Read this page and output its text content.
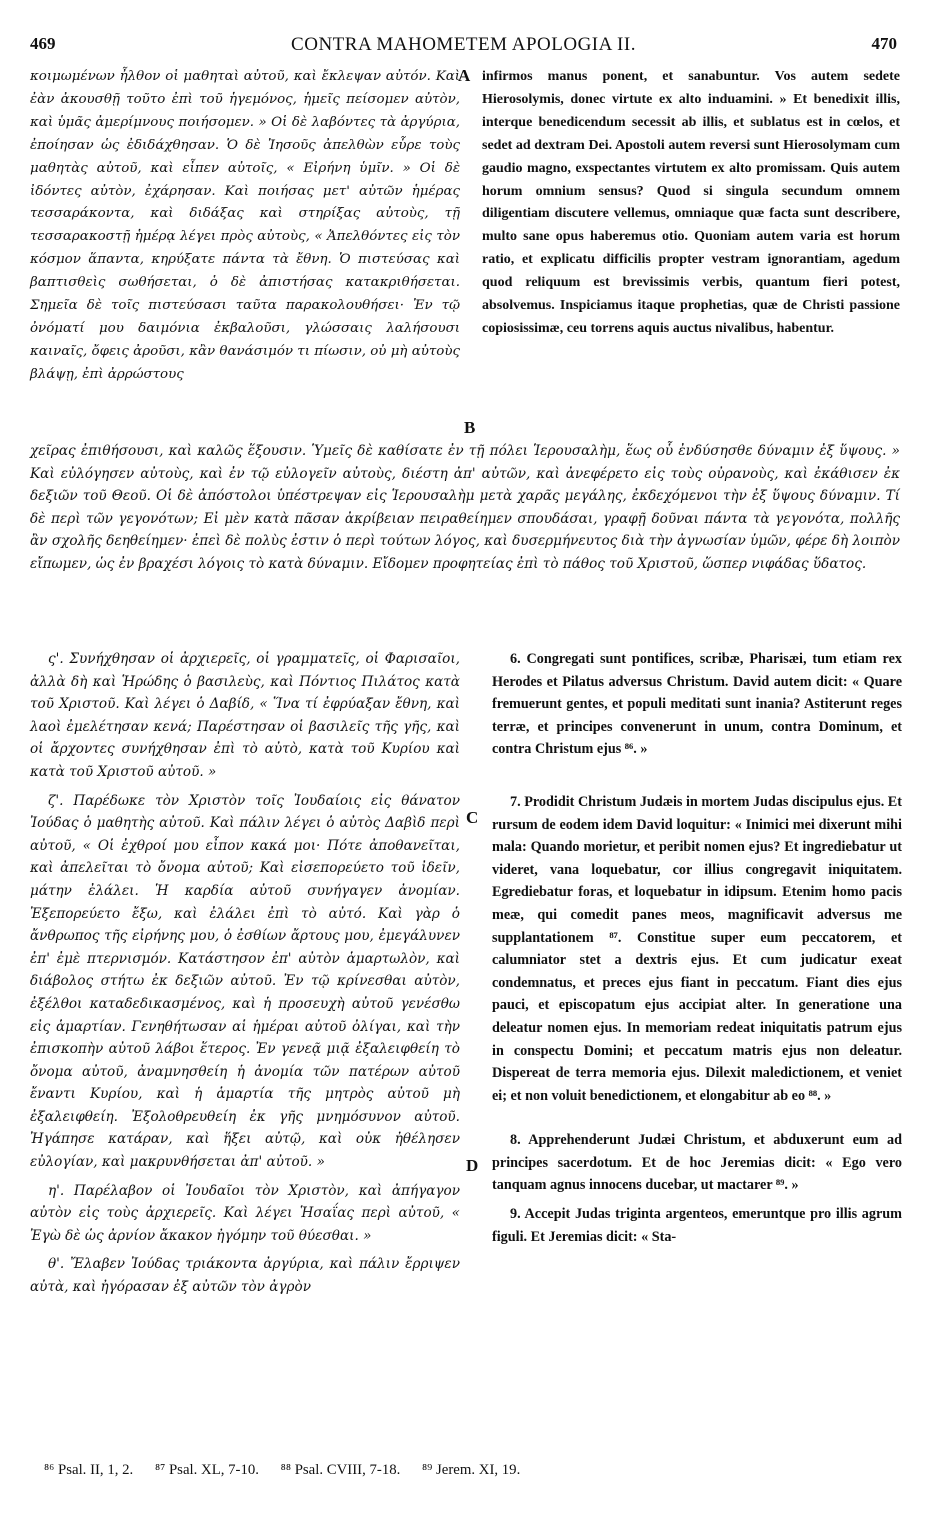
469	CONTRA MAHOMETEM APOLOGIA II.	470
κοιμωμένων ἦλθον οἱ μαθηταὶ αὐτοῦ, καὶ ἔκλεψαν αὐτόν. Καὶ ἐὰν ἀκουσθῇ τοῦτο ἐπὶ τοῦ ἡγεμόνος, ἡμεῖς πείσομεν αὐτὸν, καὶ ὑμᾶς ἀμερίμνους ποιήσομεν. » Οἱ δὲ λαβόντες τὰ ἀργύρια, ἐποίησαν ὡς ἐδιδάχθησαν. Ὁ δὲ Ἰησοῦς ἀπελθὼν εὗρε τοὺς μαθητὰς αὐτοῦ, καὶ εἶπεν αὐτοῖς, « Εἰρήνη ὑμῖν. » Οἱ δὲ ἰδόντες αὐτὸν, ἐχάρησαν. Καὶ ποιήσας μετ' αὐτῶν ἡμέρας τεσσαράκοντα, καὶ διδάξας καὶ στηρίξας αὐτοὺς, τῇ τεσσαρακοστῇ ἡμέρᾳ λέγει πρὸς αὐτοὺς, « Ἀπελθόντες εἰς τὸν κόσμον ἅπαντα, κηρύξατε πάντα τὰ ἔθνη. Ὁ πιστεύσας καὶ βαπτισθεὶς σωθήσεται, ὁ δὲ ἀπιστήσας κατακριθήσεται. Σημεῖα δὲ τοῖς πιστεύσασι ταῦτα παρακολουθήσει· Ἐν τῷ ὀνόματί μου δαιμόνια ἐκβαλοῦσι, γλώσσαις λαλήσουσι καιναῖς, ὄφεις ἀροῦσι, κἂν θανάσιμόν τι πίωσιν, οὐ μὴ αὐτοὺς βλάψῃ, ἐπὶ ἀρρώστους
infirmos manus ponent, et sanabuntur. Vos autem sedete Hierosolymis, donec virtute ex alto induamini. » Et benedixit illis, interque benedicendum secessit ab illis, et sublatus est in cœlos, et sedet ad dextram Dei. Apostoli autem reversi sunt Hierosolymam cum gaudio magno, exspectantes virtutem ex alto promissam. Quis autem horum omnium sensus? Quod si singula secundum omnem diligentiam discutere vellemus, omniaque quæ facta sunt describere, multo sane opus haberemus otio. Quoniam autem varia est horum ratio, et explicatu difficilis propter vestram ignorantiam, agedum quod reliquum est brevissimis verbis, quantum fieri potest, absolvemus. Inspiciamus itaque prophetias, quæ de Christi passione copiosissimæ, ceu torrens aquis auctus nivalibus, habentur.
A
B
χεῖρας ἐπιθήσουσι, καὶ καλῶς ἕξουσιν. Ὑμεῖς δὲ καθίσατε ἐν τῇ πόλει Ἱερουσαλὴμ, ἕως οὗ ἐνδύσησθε δύναμιν ἐξ ὕψους. » Καὶ εὐλόγησεν αὐτοὺς, καὶ ἐν τῷ εὐλογεῖν αὐτοὺς, διέστη ἀπ' αὐτῶν, καὶ ἀνεφέρετο εἰς τοὺς οὐρανοὺς, καὶ ἐκάθισεν ἐκ δεξιῶν τοῦ Θεοῦ. Οἱ δὲ ἀπόστολοι ὑπέστρεψαν εἰς Ἱερουσαλὴμ μετὰ χαρᾶς μεγάλης, ἐκδεχόμενοι τὴν ἐξ ὕψους δύναμιν. Τί δὲ περὶ τῶν γεγονότων; Εἰ μὲν κατὰ πᾶσαν ἀκρίβειαν πειραθείημεν σπουδάσαι, γραφῇ δοῦναι πάντα τὰ γεγονότα, πολλῆς ἂν σχολῆς δεηθείημεν· ἐπεὶ δὲ πολὺς ἐστιν ὁ περὶ τούτων λόγος, καὶ δυσερμήνευτος διὰ τὴν ἀγνωσίαν ὑμῶν, φέρε δὴ λοιπὸν εἴπωμεν, ὡς ἐν βραχέσι λόγοις τὸ κατὰ δύναμιν. Εἴδομεν προφητείας ἐπὶ τὸ πάθος τοῦ Χριστοῦ, ὥσπερ νιφάδας ὕδατος.

ς'. Συνήχθησαν οἱ ἀρχιερεῖς, οἱ γραμματεῖς, οἱ Φαρισαῖοι, ἀλλὰ δὴ καὶ Ἡρώδης ὁ βασιλεὺς, καὶ Πόντιος Πιλάτος κατὰ τοῦ Χριστοῦ. Καὶ λέγει ὁ Δαβίδ, « Ἵνα τί ἐφρύαξαν ἔθνη, καὶ λαοὶ ἐμελέτησαν κενά; Παρέστησαν οἱ βασιλεῖς τῆς γῆς, καὶ οἱ ἄρχοντες συνήχθησαν ἐπὶ τὸ αὐτὸ, κατὰ τοῦ Κυρίου καὶ κατὰ τοῦ Χριστοῦ αὐτοῦ. »

ζ'. Παρέδωκε τὸν Χριστὸν τοῖς Ἰουδαίοις εἰς θάνατον Ἰούδας ὁ μαθητὴς αὐτοῦ. Καὶ πάλιν λέγει ὁ αὐτὸς Δαβὶδ περὶ αὐτοῦ, « Οἱ ἐχθροί μου εἶπον κακά μοι· Πότε ἀποθανεῖται, καὶ ἀπελεῖται τὸ ὄνομα αὐτοῦ; Καὶ εἰσεπορεύετο τοῦ ἰδεῖν, μάτην ἐλάλει. Ἡ καρδία αὐτοῦ συνήγαγεν ἀνομίαν. Ἐξεπορεύετο ἔξω, καὶ ἐλάλει ἐπὶ τὸ αὐτό. Καὶ γὰρ ὁ ἄνθρωπος τῆς εἰρήνης μου, ὁ ἐσθίων ἄρτους μου, ἐμεγάλυνεν ἐπ' ἐμὲ πτερνισμόν. Κατάστησον ἐπ' αὐτὸν ἁμαρτωλὸν, καὶ διάβολος στήτω ἐκ δεξιῶν αὐτοῦ. Ἐν τῷ κρίνεσθαι αὐτὸν, ἐξέλθοι καταδεδικασμένος, καὶ ἡ προσευχὴ αὐτοῦ γενέσθω εἰς ἁμαρτίαν. Γενηθήτωσαν αἱ ἡμέραι αὐτοῦ ὀλίγαι, καὶ τὴν ἐπισκοπὴν αὐτοῦ λάβοι ἕτερος. Ἐν γενεᾷ μιᾷ ἐξαλειφθείη τὸ ὄνομα αὐτοῦ, ἀναμνησθείη ἡ ἀνομία τῶν πατέρων αὐτοῦ ἔναντι Κυρίου, καὶ ἡ ἁμαρτία τῆς μητρὸς αὐτοῦ μὴ ἐξαλειφθείη. Ἐξολοθρευθείη ἐκ γῆς μνημόσυνον αὐτοῦ. Ἠγάπησε κατάραν, καὶ ἥξει αὐτῷ, καὶ οὐκ ἠθέλησεν εὐλογίαν, καὶ μακρυνθήσεται ἀπ' αὐτοῦ. »

η'. Παρέλαβον οἱ Ἰουδαῖοι τὸν Χριστὸν, καὶ ἀπήγαγον αὐτὸν εἰς τοὺς ἀρχιερεῖς. Καὶ λέγει Ἡσαΐας περὶ αὐτοῦ, « Ἐγὼ δὲ ὡς ἀρνίον ἄκακον ἠγόμην τοῦ θύεσθαι. »

θ'. Ἔλαβεν Ἰούδας τριάκοντα ἀργύρια, καὶ πάλιν ἔρριψεν αὐτὰ, καὶ ἠγόρασαν ἐξ αὐτῶν τὸν ἀγρὸν

C
D

6. Congregati sunt pontifices, scribæ, Pharisæi, tum etiam rex Herodes et Pilatus adversus Christum. David autem dicit: « Quare fremuerunt gentes, et populi meditati sunt inania? Astiterunt reges terræ, et principes convenerunt in unum, contra Dominum, et contra Christum ejus ⁸⁶. »

7. Prodidit Christum Judæis in mortem Judas discipulus ejus. Et rursum de eodem idem David loquitur: « Inimici mei dixerunt mihi mala: Quando morietur, et peribit nomen ejus? Et ingrediebatur ut videret, vana loquebatur, cor illius congregavit iniquitatem. Egrediebatur foras, et loquebatur in idipsum. Etenim homo pacis meæ, qui comedit panes meos, magnificavit adversus me supplantationem ⁸⁷. Constitue super eum peccatorem, et calumniator stet a dextris ejus. Et cum judicatur exeat condemnatus, et preces ejus fiant in peccatum. Fiant dies ejus pauci, et episcopatum ejus accipiat alter. In generatione una deleatur nomen ejus. In memoriam redeat iniquitatis patrum ejus in conspectu Domini; et peccatum matris ejus non deleatur. Dispereat de terra memoria ejus. Dilexit maledictionem, et veniet ei; et non voluit benedictionem, et elongabitur ab eo ⁸⁸. »

8. Apprehenderunt Judæi Christum, et abduxerunt eum ad principes sacerdotum. Et de hoc Jeremias dicit: « Ego vero tanquam agnus innocens ducebar, ut mactarer ⁸⁹. »

9. Accepit Judas triginta argenteos, emeruntque pro illis agrum figuli. Et Jeremias dicit: « Sta-

⁸⁶ Psal. II, 1, 2. ⁸⁷ Psal. XL, 7-10. ⁸⁸ Psal. CVIII, 7-18. ⁸⁹ Jerem. XI, 19.
